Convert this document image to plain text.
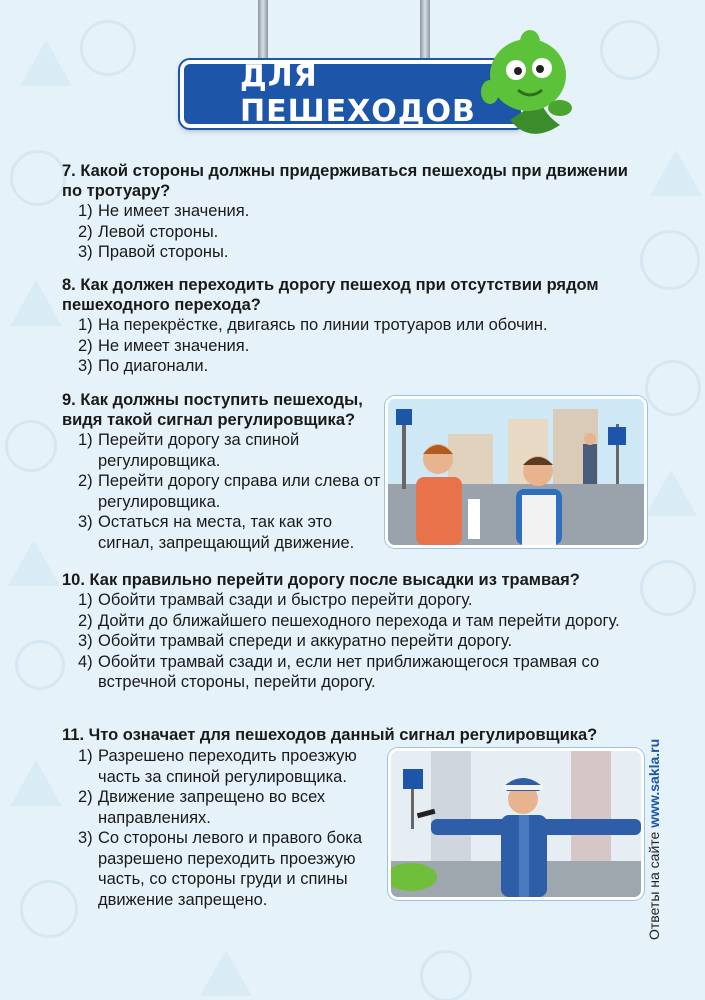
ДЛЯ ПЕШЕХОДОВ

7. Какой стороны должны придерживаться пешеходы при движении по тротуару?

1) Не имеет значения.
2) Левой стороны.
3) Правой стороны.

8. Как должен переходить дорогу пешеход при отсутствии рядом пешеходного перехода?

1) На перекрёстке, двигаясь по линии тротуаров или обочин.
2) Не имеет значения.
3) По диагонали.

9. Как должны поступить пешеходы, видя такой сигнал регулировщика?

1) Перейти дорогу за спиной регулировщика.
2) Перейти дорогу справа или слева от регулировщика.
3) Остаться на места, так как это сигнал, запрещающий движение.

10. Как правильно перейти дорогу после высадки из трамвая?

1) Обойти трамвай сзади и быстро перейти дорогу.
2) Дойти до ближайшего пешеходного перехода и там перейти дорогу.
3) Обойти трамвай спереди и аккуратно перейти дорогу.
4) Обойти трамвай сзади и, если нет приближающегося трамвая со встречной стороны, перейти дорогу.

11. Что означает для пешеходов данный сигнал регулировщика?

1) Разрешено переходить проезжую часть за спиной регулировщика.
2) Движение запрещено во всех направлениях.
3) Со стороны левого и правого бока разрешено переходить проезжую часть, со стороны груди и спины движение запрещено.	Ответы на сайте www.sakla.ru
